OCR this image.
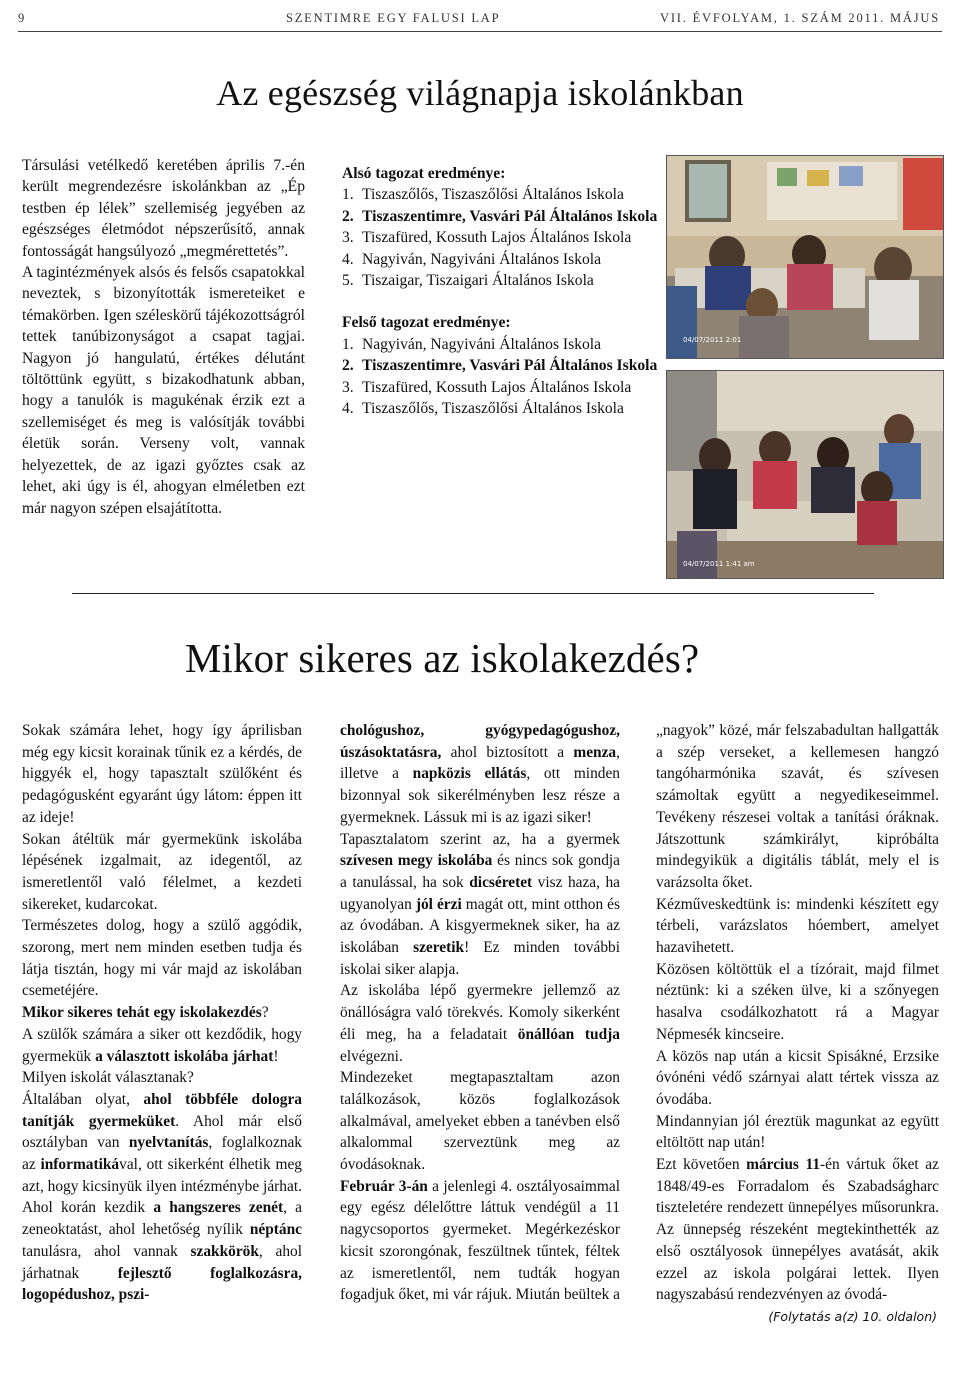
9	SZENTIMRE EGY FALUSI LAP	VII. ÉVFOLYAM, 1. SZÁM 2011. MÁJUS
Az egészség világnapja iskolánkban

Társulási vetélkedő keretében április 7.-én került megrendezésre iskolánkban az „Ép testben ép lélek” szellemiség jegyében az egészséges életmódot népszerűsítő, annak fontosságát hangsúlyozó „megmérettetés”.

A tagintézmények alsós és felsős csapatokkal neveztek, s bizonyították ismereteiket e témakörben. Igen széleskörű tájékozottságról tettek tanúbizonyságot a csapat tagjai. Nagyon jó hangulatú, értékes délutánt töltöttünk együtt, s bizakodhatunk abban, hogy a tanulók is magukénak érzik ezt a szellemiséget és meg is valósítják további életük során. Verseny volt, vannak helyezettek, de az igazi győztes csak az lehet, aki úgy is él, ahogyan elméletben ezt már nagyon szépen elsajátította.

Alsó tagozat eredménye:
1. Tiszaszőlős, Tiszaszőlősi Általános Iskola
2. Tiszaszentimre, Vasvári Pál Általános Iskola
3. Tiszafüred, Kossuth Lajos Általános Iskola
4. Nagyiván, Nagyiváni Általános Iskola
5. Tiszaigar, Tiszaigari Általános Iskola
Felső tagozat eredménye:
1. Nagyiván, Nagyiváni Általános Iskola
2. Tiszaszentimre, Vasvári Pál Általános Iskola
3. Tiszafüred, Kossuth Lajos Általános Iskola
4. Tiszaszőlős, Tiszaszőlősi Általános Iskola
04/07/2011 2:01
04/07/2011 1:41 am
Mikor sikeres az iskolakezdés?

Sokak számára lehet, hogy így áprilisban még egy kicsit korainak tűnik ez a kérdés, de higgyék el, hogy tapasztalt szülőként és pedagógusként egyaránt úgy látom: éppen itt az ideje!

Sokan átéltük már gyermekünk iskolába lépésének izgalmait, az idegentől, az ismeretlentől való félelmet, a kezdeti sikereket, kudarcokat.

Természetes dolog, hogy a szülő aggódik, szorong, mert nem minden esetben tudja és látja tisztán, hogy mi vár majd az iskolában csemetéjére.

Mikor sikeres tehát egy iskolakezdés?

A szülők számára a siker ott kezdődik, hogy gyermekük a választott iskolába járhat!

Milyen iskolát választanak?

Általában olyat, ahol többféle dologra tanítják gyermeküket. Ahol már első osztályban van nyelvtanítás, foglalkoznak az informatikával, ott sikerként élhetik meg azt, hogy kicsinyük ilyen intézménybe járhat.

Ahol korán kezdik a hangszeres zenét, a zeneoktatást, ahol lehetőség nyílik néptánc tanulásra, ahol vannak szakkörök, ahol járhatnak fejlesztő foglalkozásra, logopédushoz, pszi-

chológushoz, gyógypedagógushoz, úszásoktatásra, ahol biztosított a menza, illetve a napközis ellátás, ott minden bizonnyal sok sikerélményben lesz része a gyermeknek. Lássuk mi is az igazi siker!

Tapasztalatom szerint az, ha a gyermek szívesen megy iskolába és nincs sok gondja a tanulással, ha sok dicséretet visz haza, ha ugyanolyan jól érzi magát ott, mint otthon és az óvodában. A kisgyermeknek siker, ha az iskolában szeretik! Ez minden további iskolai siker alapja.

Az iskolába lépő gyermekre jellemző az önállóságra való törekvés. Komoly sikerként éli meg, ha a feladatait önállóan tudja elvégezni.

Mindezeket megtapasztaltam azon találkozások, közös foglalkozások alkalmával, amelyeket ebben a tanévben első alkalommal szerveztünk meg az óvodásoknak.

Február 3-án a jelenlegi 4. osztályosaimmal egy egész délelőttre láttuk vendégül a 11 nagycsoportos gyermeket. Megérkezéskor kicsit szorongónak, feszültnek tűntek, féltek az ismeretlentől, nem tudták hogyan fogadjuk őket, mi vár rájuk. Miután beültek a

„nagyok” közé, már felszabadultan hallgatták a szép verseket, a kellemesen hangzó tangóharmónika szavát, és szívesen számoltak együtt a negyedikeseimmel. Tevékeny részesei voltak a tanítási óráknak. Játszottunk számkirályt, kipróbálta mindegyikük a digitális táblát, mely el is varázsolta őket.

Kézműveskedtünk is: mindenki készített egy térbeli, varázslatos hóembert, amelyet hazavihetett.

Közösen költöttük el a tízórait, majd filmet néztünk: ki a széken ülve, ki a szőnyegen hasalva csodálkozhatott rá a Magyar Népmesék kincseire.

A közös nap után a kicsit Spisákné, Erzsike óvónéni védő szárnyai alatt tértek vissza az óvodába.

Mindannyian jól éreztük magunkat az együtt eltöltött nap után!

Ezt követően március 11-én vártuk őket az 1848/49-es Forradalom és Szabadságharc tiszteletére rendezett ünnepélyes műsorunkra. Az ünnepség részeként megtekinthették az első osztályosok ünnepélyes avatását, akik ezzel az iskola polgárai lettek. Ilyen nagyszabású rendezvényen az óvodá-

(Folytatás a(z) 10. oldalon)
